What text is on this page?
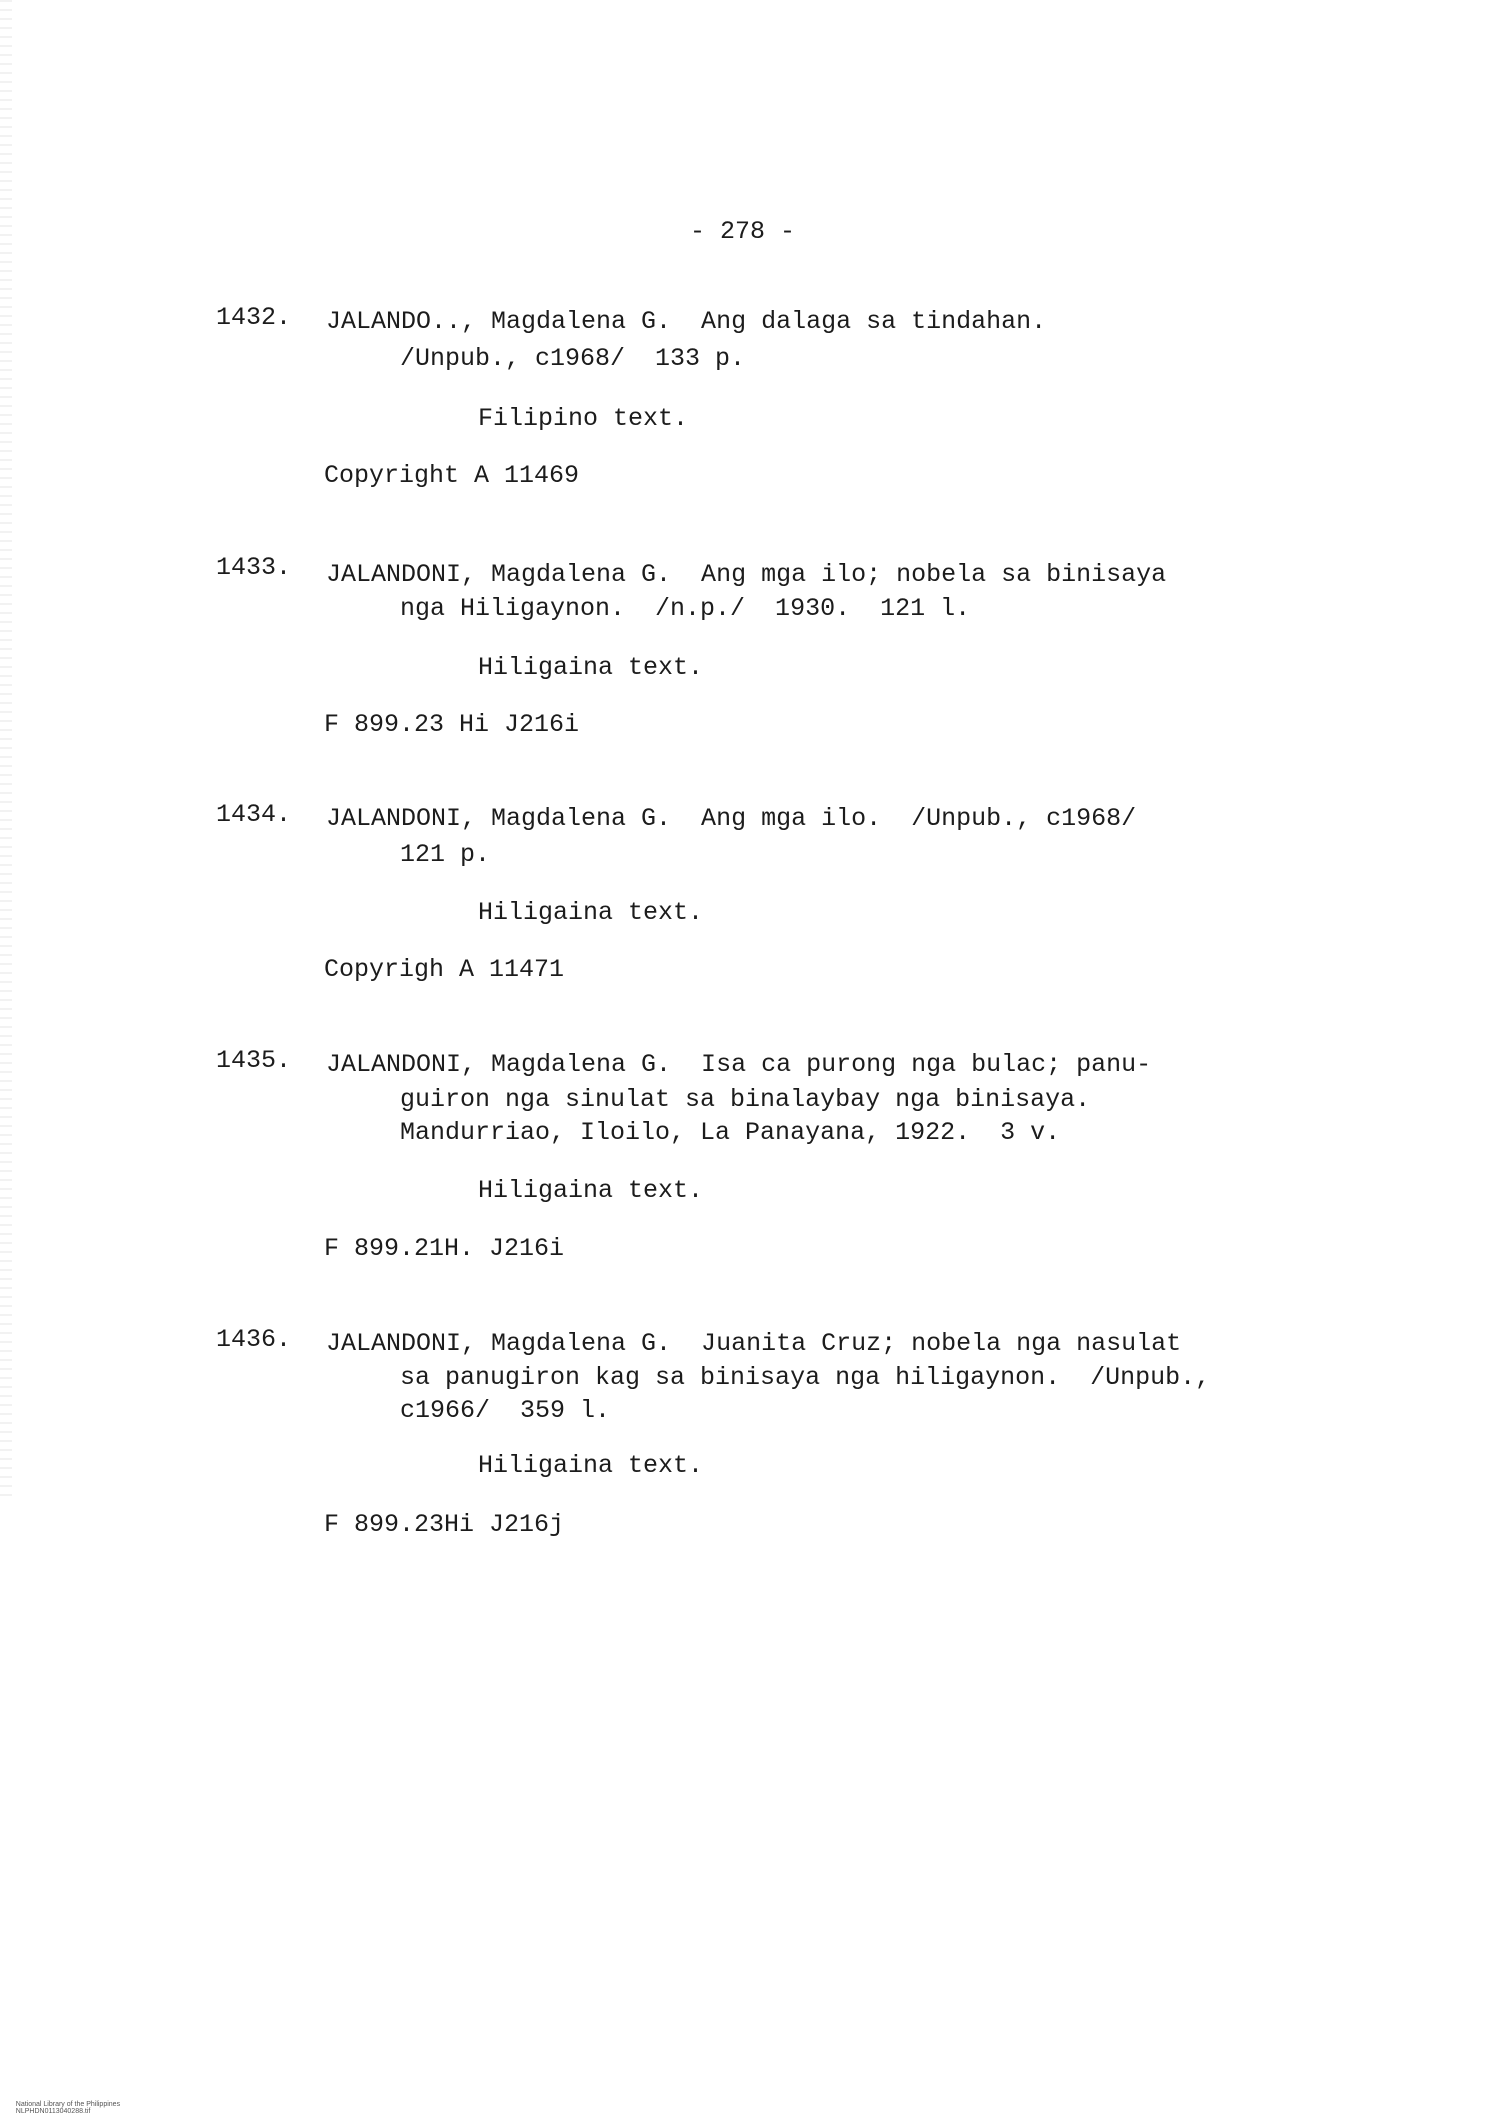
- 278 -
1432. JALANDO.., Magdalena G.  Ang dalaga sa tindahan.
/Unpub., c1968/  133 p.
Filipino text.
Copyright A 11469
1433. JALANDONI, Magdalena G.  Ang mga ilo; nobela sa binisaya
nga Hiligaynon.  /n.p./  1930.  121 l.
Hiligaina text.
F 899.23 Hi J216i
1434. JALANDONI, Magdalena G.  Ang mga ilo.  /Unpub., c1968/
121 p.
Hiligaina text.
Copyrigh A 11471
1435. JALANDONI, Magdalena G.  Isa ca purong nga bulac; panu-
guiron nga sinulat sa binalaybay nga binisaya.
Mandurriao, Iloilo, La Panayana, 1922.  3 v.
Hiligaina text.
F 899.21H. J216i
1436. JALANDONI, Magdalena G.  Juanita Cruz; nobela nga nasulat
sa panugiron kag sa binisaya nga hiligaynon.  /Unpub.,
c1966/  359 l.
Hiligaina text.
F 899.23Hi J216j

National Library of the Philippines
NLPHDN0113040288.tif
